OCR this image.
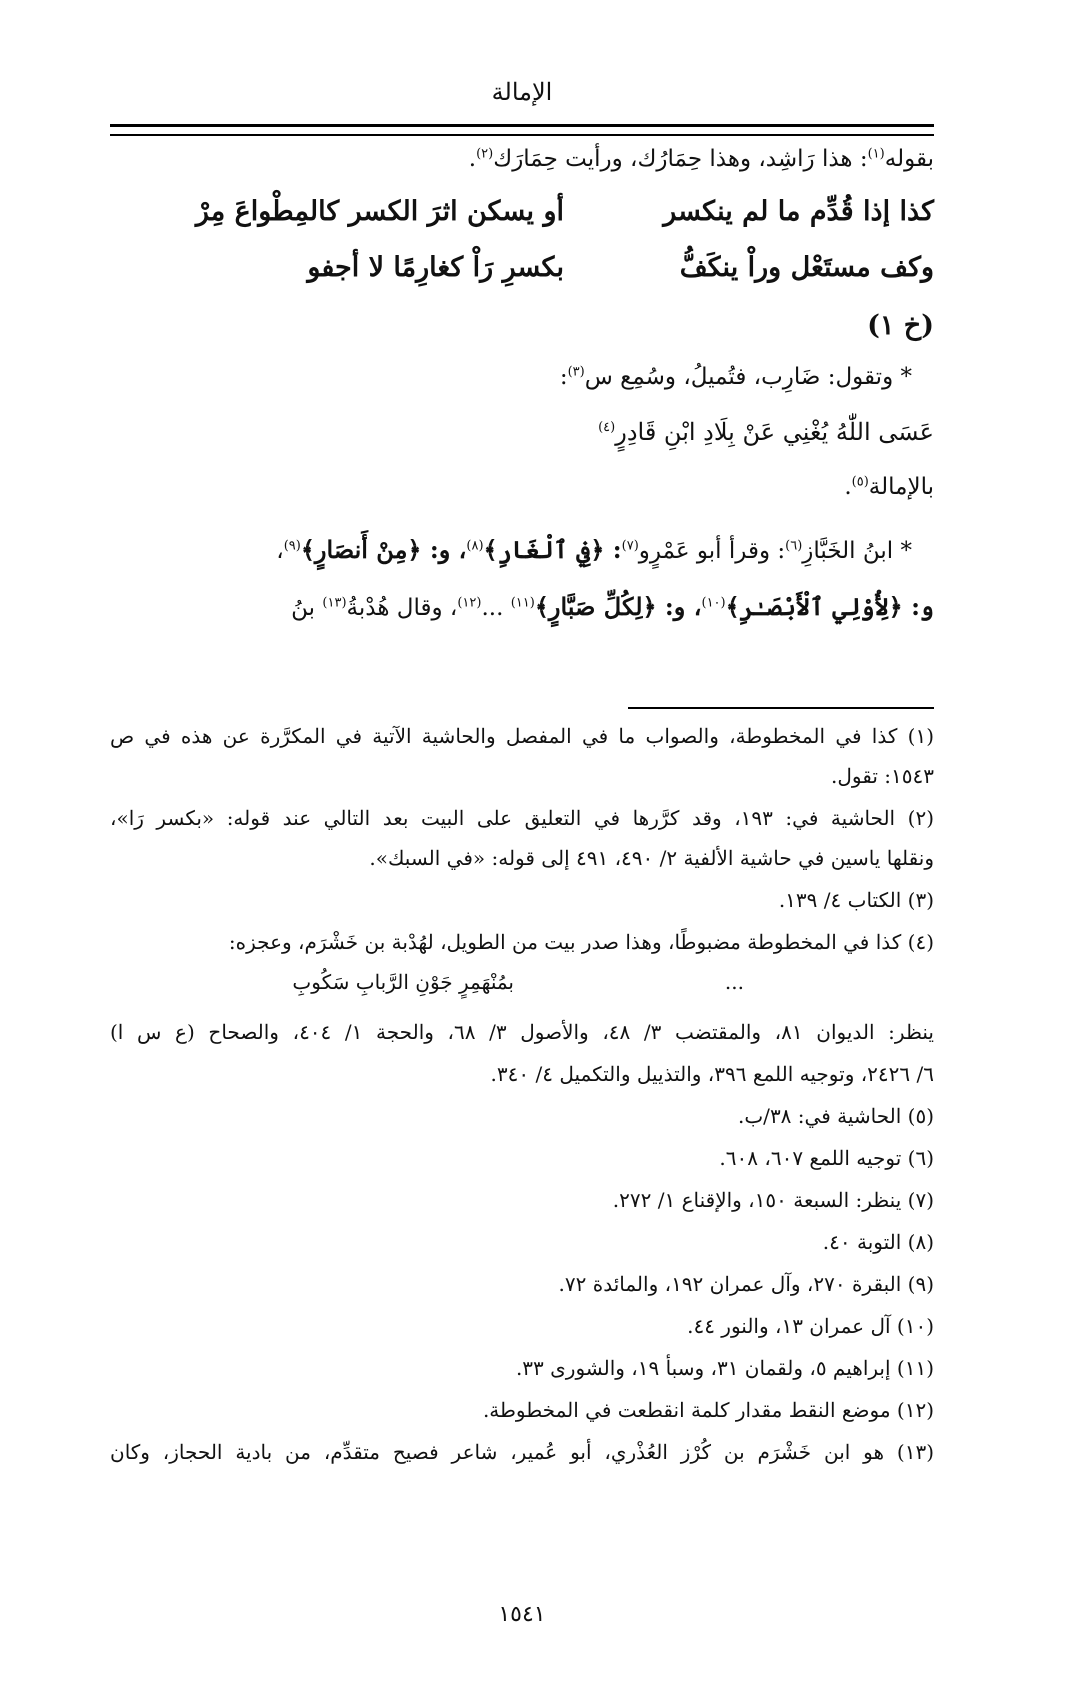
الإمالة
بقوله$^{(١)}$: هذا رَاشِد، وهذا حِمَارُك، ورأيت حِمَارَك$^{(٢)}$.
كذا إذا قُدِّم ما لم ينكسر
أو يسكن اثرَ الكسر كالمِطْواعَ مِرْ
وكف مستَعْل وراْ ينكَفُّ
بكسرِ رَاْ كغارِمًا لا أجفو
(خ ١)
* وتقول: ضَارِب، فتُميلُ، وسُمِع س$^{(٣)}$:
عَسَى اللّٰهُ يُغْنِي عَنْ بِلَادِ ابْنِ قَادِرٍ$^{(٤)}$
بالإمالة$^{(٥)}$.
* ابنُ الخَبَّازِ$^{(٦)}$: وقرأ أبو عَمْرٍو$^{(٧)}$: ﴿فِي ٱلْغَارِ﴾$^{(٨)}$، و: ﴿مِنْ أَنصَارٍ﴾$^{(٩)}$،
و: ﴿لِأُوْلِي ٱلْأَبْصَـٰرِ﴾$^{(١٠)}$، و: ﴿لِكُلِّ صَبَّارٍ﴾$^{(١١)}$ ...$^{(١٢)}$، وقال هُدْبةُ$^{(١٣)}$ بنُ
(١) كذا في المخطوطة، والصواب ما في المفصل والحاشية الآتية في المكرَّرة عن هذه في ص
١٥٤٣: تقول.
(٢) الحاشية في: ١٩٣، وقد كرَّرها في التعليق على البيت بعد التالي عند قوله: «بكسر رَا»،
ونقلها ياسين في حاشية الألفية ٢/ ٤٩٠، ٤٩١ إلى قوله: «في السبك».
(٣) الكتاب ٤/ ١٣٩.
(٤) كذا في المخطوطة مضبوطًا، وهذا صدر بيت من الطويل، لهُدْبة بن خَشْرَم، وعجزه:
...
بمُنْهَمِرٍ جَوْنِ الرَّبابِ سَكُوبِ
ينظر: الديوان ٨١، والمقتضب ٣/ ٤٨، والأصول ٣/ ٦٨، والحجة ١/ ٤٠٤، والصحاح (ع س ا)
٦/ ٢٤٢٦، وتوجيه اللمع ٣٩٦، والتذييل والتكميل ٤/ ٣٤٠.
(٥) الحاشية في: ٣٨/ب.
(٦) توجيه اللمع ٦٠٧، ٦٠٨.
(٧) ينظر: السبعة ١٥٠، والإقناع ١/ ٢٧٢.
(٨) التوبة ٤٠.
(٩) البقرة ٢٧٠، وآل عمران ١٩٢، والمائدة ٧٢.
(١٠) آل عمران ١٣، والنور ٤٤.
(١١) إبراهيم ٥، ولقمان ٣١، وسبأ ١٩، والشورى ٣٣.
(١٢) موضع النقط مقدار كلمة انقطعت في المخطوطة.
(١٣) هو ابن خَشْرَم بن كُرْز العُذْري، أبو عُمير، شاعر فصيح متقدِّم، من بادية الحجاز، وكان
١٥٤١
